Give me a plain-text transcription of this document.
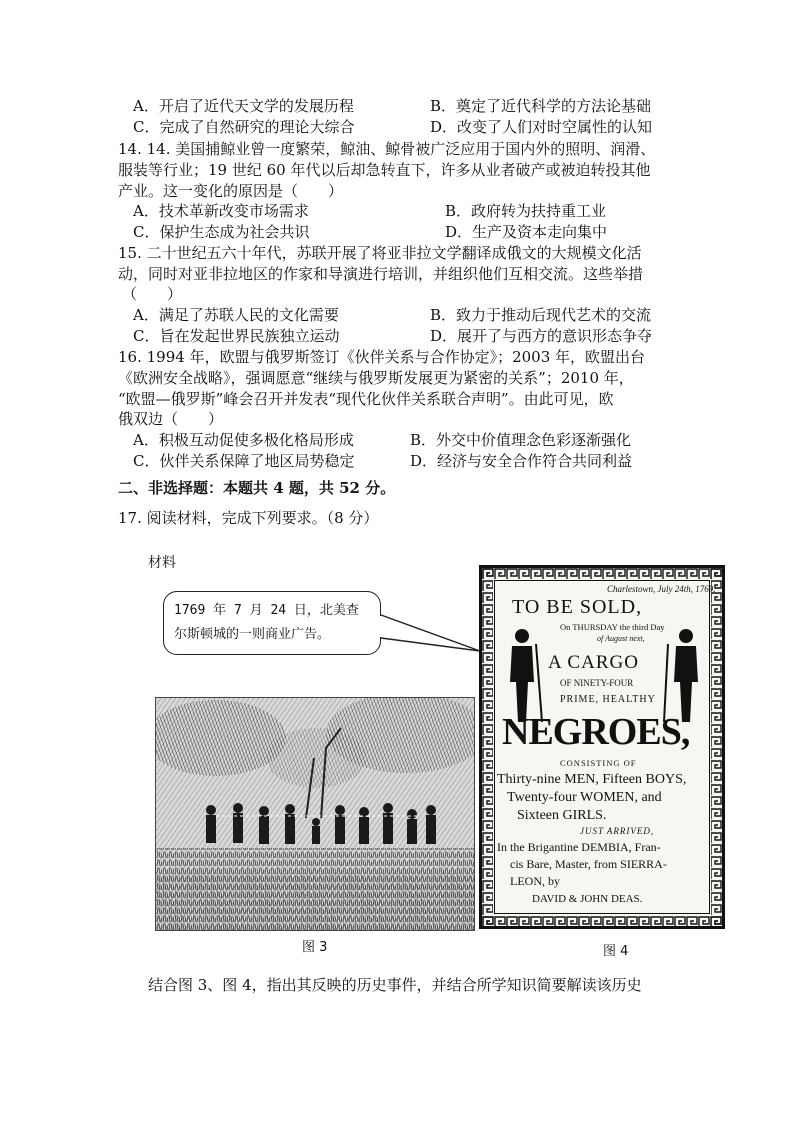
A．开启了近代天文学的发展历程	B．奠定了近代科学的方法论基础
C．完成了自然研究的理论大综合	D．改变了人们对时空属性的认知
14. 14. 美国捕鲸业曾一度繁荣，鲸油、鲸骨被广泛应用于国内外的照明、润滑、
服装等行业；19 世纪 60 年代以后却急转直下，许多从业者破产或被迫转投其他
产业。这一变化的原因是（　　）
A．技术革新改变市场需求	B．政府转为扶持重工业
C．保护生态成为社会共识	D．生产及资本走向集中
15. 二十世纪五六十年代，苏联开展了将亚非拉文学翻译成俄文的大规模文化活
动，同时对亚非拉地区的作家和导演进行培训，并组织他们互相交流。这些举措
（　　）
A．满足了苏联人民的文化需要	B．致力于推动后现代艺术的交流
C．旨在发起世界民族独立运动	D．展开了与西方的意识形态争夺
16. 1994 年，欧盟与俄罗斯签订《伙伴关系与合作协定》；2003 年，欧盟出台
《欧洲安全战略》，强调愿意“继续与俄罗斯发展更为紧密的关系”；2010 年，
“欧盟—俄罗斯”峰会召开并发表“现代化伙伴关系联合声明”。由此可见，欧
俄双边（　　）
A．积极互动促使多极化格局形成	B．外交中价值理念色彩逐渐强化
C．伙伴关系保障了地区局势稳定	D．经济与安全合作符合共同利益
二、非选择题：本题共 4 题，共 52 分。
17. 阅读材料，完成下列要求。（8 分）
材料
1769 年 7 月 24 日，北美查尔斯顿城的一则商业广告。
图 3
Charlestown, July 24th, 1769.
TO BE SOLD,
On THURSDAY the third Day
of August next,
A CARGO
OF NINETY-FOUR
PRIME, HEALTHY
NEGROES,
CONSISTING OF
Thirty-nine MEN, Fifteen BOYS,
Twenty-four WOMEN, and
Sixteen GIRLS.
JUST ARRIVED,
In the Brigantine DEMBIA, Fran-
cis Bare, Master, from SIERRA-
LEON, by
DAVID & JOHN DEAS.
图 4
结合图 3、图 4，指出其反映的历史事件，并结合所学知识简要解读该历史
